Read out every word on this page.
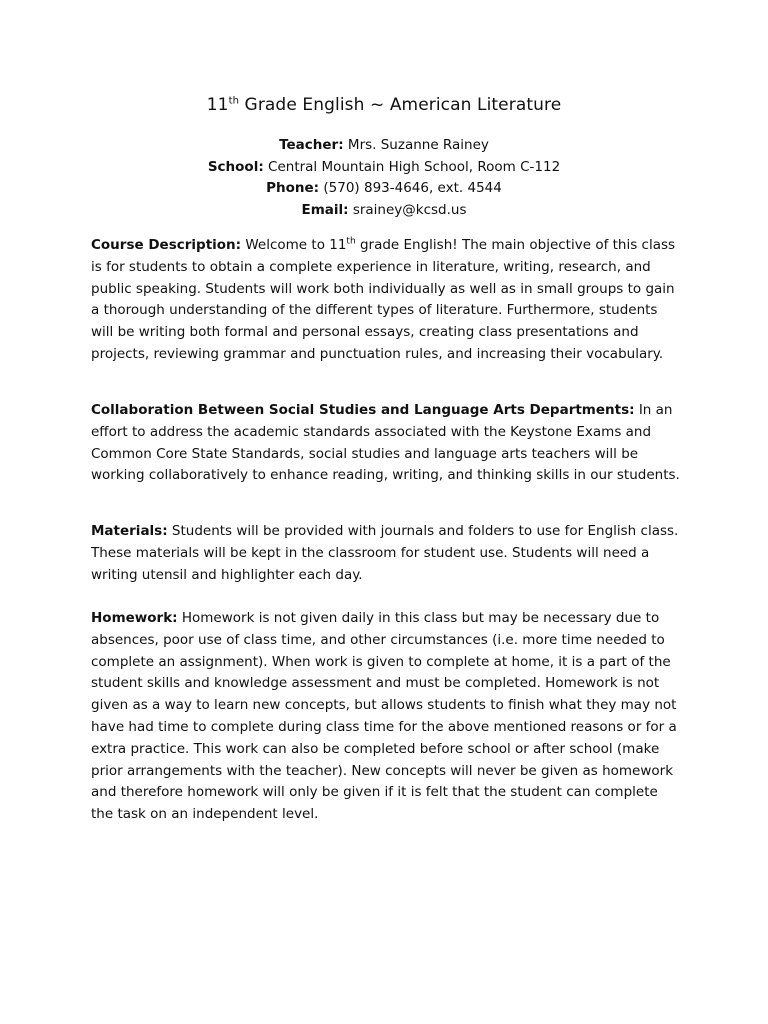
11th Grade English ~ American Literature
Teacher: Mrs. Suzanne Rainey
School: Central Mountain High School, Room C-112
Phone: (570) 893-4646, ext. 4544
Email: srainey@kcsd.us

Course Description: Welcome to 11th grade English! The main objective of this class is for students to obtain a complete experience in literature, writing, research, and public speaking. Students will work both individually as well as in small groups to gain a thorough understanding of the different types of literature. Furthermore, students will be writing both formal and personal essays, creating class presentations and projects, reviewing grammar and punctuation rules, and increasing their vocabulary.

Collaboration Between Social Studies and Language Arts Departments: In an effort to address the academic standards associated with the Keystone Exams and Common Core State Standards, social studies and language arts teachers will be working collaboratively to enhance reading, writing, and thinking skills in our students.

Materials: Students will be provided with journals and folders to use for English class. These materials will be kept in the classroom for student use. Students will need a writing utensil and highlighter each day.

Homework: Homework is not given daily in this class but may be necessary due to absences, poor use of class time, and other circumstances (i.e. more time needed to complete an assignment). When work is given to complete at home, it is a part of the student skills and knowledge assessment and must be completed. Homework is not given as a way to learn new concepts, but allows students to finish what they may not have had time to complete during class time for the above mentioned reasons or for a extra practice. This work can also be completed before school or after school (make prior arrangements with the teacher). New concepts will never be given as homework and therefore homework will only be given if it is felt that the student can complete the task on an independent level.
